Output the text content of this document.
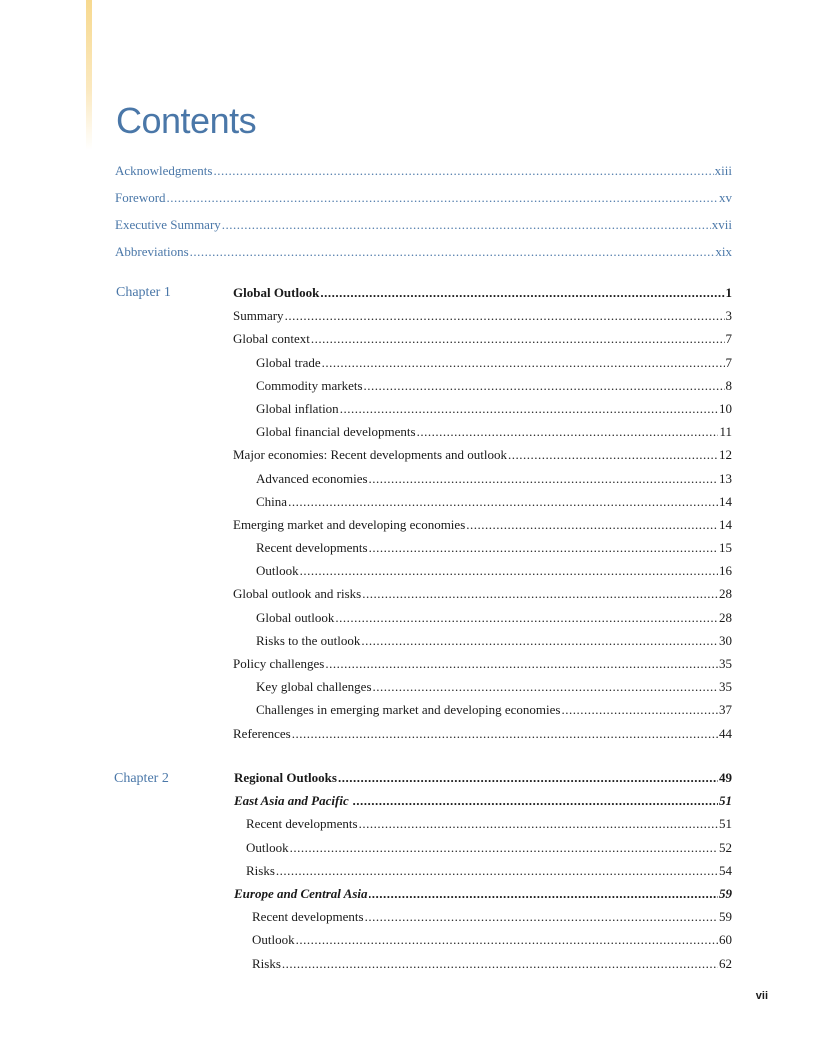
Contents
Acknowledgments .....	xiii
Foreword .....	xv
Executive Summary .....	xvii
Abbreviations .....	xix
Chapter 1	Global Outlook .....	1
Summary .....	3
Global context .....	7
Global trade .....	7
Commodity markets .....	8
Global inflation .....	10
Global financial developments .....	11
Major economies: Recent developments and outlook .....	12
Advanced economies .....	13
China .....	14
Emerging market and developing economies .....	14
Recent developments .....	15
Outlook .....	16
Global outlook and risks .....	28
Global outlook .....	28
Risks to the outlook .....	30
Policy challenges .....	35
Key global challenges .....	35
Challenges in emerging market and developing economies .....	37
References .....	44
Chapter 2	Regional Outlooks .....	49
East Asia and Pacific .....	51
Recent developments .....	51
Outlook .....	52
Risks .....	54
Europe and Central Asia .....	59
Recent developments .....	59
Outlook .....	60
Risks .....	62
vii
